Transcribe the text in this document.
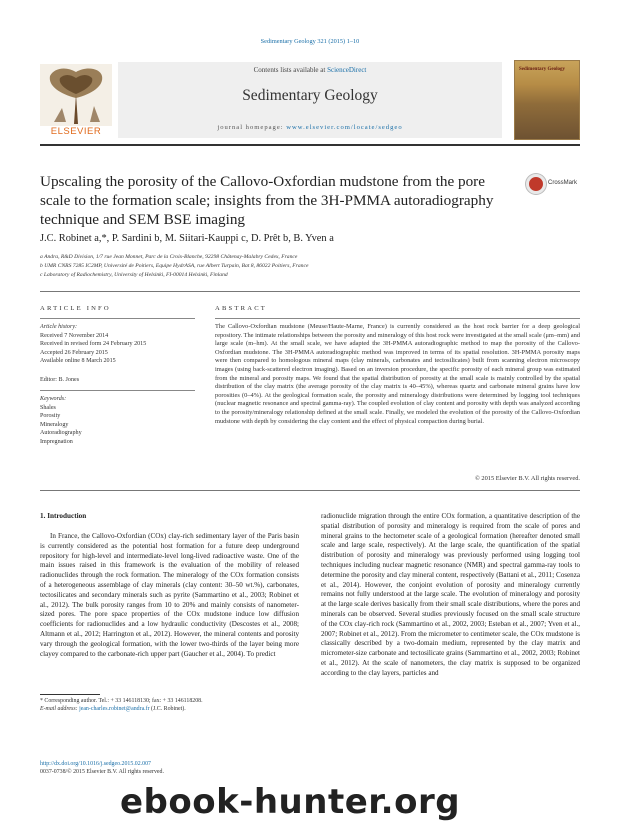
Sedimentary Geology 321 (2015) 1–10
ELSEVIER
Contents lists available at ScienceDirect
Sedimentary Geology
journal homepage: www.elsevier.com/locate/sedgeo
Sedimentary Geology
Upscaling the porosity of the Callovo-Oxfordian mudstone from the pore scale to the formation scale; insights from the 3H-PMMA autoradiography technique and SEM BSE imaging
CrossMark
J.C. Robinet a,*, P. Sardini b, M. Siitari-Kauppi c, D. Prêt b, B. Yven a
a Andra, R&D Division, 1/7 rue Jean Monnet, Parc de la Croix-Blanche, 92298 Châtenay-Malabry Cedex, France
b UMR CNRS 7285 IC2MP, Université de Poitiers, Equipe HydrASA, rue Albert Turpain, Bat 8, 86022 Poitiers, France
c Laboratory of Radiochemistry, University of Helsinki, FI-00014 Helsinki, Finland
ARTICLE INFO
Article history:
Received 7 November 2014
Received in revised form 24 February 2015
Accepted 26 February 2015
Available online 8 March 2015
Editor: B. Jones
Keywords:
Shales
Porosity
Mineralogy
Autoradiography
Impregnation
ABSTRACT
The Callovo-Oxfordian mudstone (Meuse/Haute-Marne, France) is currently considered as the host rock barrier for a deep geological repository. The intimate relationships between the porosity and mineralogy of this host rock were investigated at the small scale (μm–mm) and large scale (m–hm). At the small scale, we have adapted the 3H-PMMA autoradiographic method to map the porosity of the Callovo-Oxfordian mudstone. The 3H-PMMA autoradiographic method was improved in terms of its spatial resolution. 3H-PMMA porosity maps were then compared to homologous mineral maps (clay minerals, carbonates and tectosilicates) built from scanning electron microscopy images (using back-scattered electron imaging). Based on an inversion procedure, the specific porosity of each mineral group was estimated from the mineral and porosity maps. We found that the spatial distribution of porosity at the small scale is mainly controlled by the spatial distribution of the clay matrix (the average porosity of the clay matrix is 40–45%), whereas quartz and carbonate mineral grains have low porosities (0–4%). At the geological formation scale, the porosity and mineralogy distributions were determined by logging tool techniques (nuclear magnetic resonance and spectral gamma-ray). The coupled evolution of clay content and porosity with depth was analyzed according to the porosity/mineralogy relationship defined at the small scale. Finally, we modeled the evolution of the porosity of the Callovo-Oxfordian mudstone with depth by considering the clay content and the effect of physical compaction during burial.
© 2015 Elsevier B.V. All rights reserved.
1. Introduction
In France, the Callovo-Oxfordian (COx) clay-rich sedimentary layer of the Paris basin is currently considered as the potential host formation for a future deep underground repository for high-level and intermediate-level long-lived radioactive waste. One of the main issues raised in this framework is the evaluation of the mobility of released radionuclides through the rock formation. The mineralogy of the COx formation consists of a heterogeneous assemblage of clay minerals (clay content: 30–50 wt.%), carbonates, tectosilicates and secondary minerals such as pyrite (Sammartino et al., 2003; Robinet et al., 2012). The bulk porosity ranges from 10 to 20% and mainly consists of nanometer-sized pores. The pore space properties of the COx mudstone induce low diffusion coefficients for radionuclides and a low hydraulic conductivity (Descostes et al., 2008; Altmann et al., 2012; Harrington et al., 2012). However, the mineral contents and porosity vary through the geological formation, with the lower two-thirds of the layer being more clayey compared to the carbonate-rich upper part (Gaucher et al., 2004). To predict
radionuclide migration through the entire COx formation, a quantitative description of the spatial distribution of porosity and mineralogy is required from the scale of pores and mineral grains to the hectometer scale of a geological formation (hereafter denoted small scale and large scale, respectively). At the large scale, the quantification of the spatial distribution of porosity and mineralogy was previously performed using logging tool techniques including nuclear magnetic resonance (NMR) and spectral gamma-ray tools to determine the porosity and clay mineral content, respectively (Battani et al., 2011; Cosenza et al., 2014). However, the conjoint evolution of porosity and mineralogy currently remains not fully understood at the large scale. The evolution of mineralogy and porosity at the large scale derives basically from their small scale distributions, where the pores and minerals can be observed. Several studies previously focused on the small scale structure of the COx clay-rich rock (Sammartino et al., 2002, 2003; Esteban et al., 2007; Yven et al., 2007; Robinet et al., 2012). From the micrometer to centimeter scale, the COx mudstone is classically described by a two-domain medium, represented by the clay matrix and micrometer-size carbonate and tectosilicate grains (Sammartino et al., 2002, 2003; Robinet et al., 2012). At the scale of nanometers, the clay matrix is supposed to be organized according to the clay layers, particles and
* Corresponding author. Tel.: + 33 146118130; fax: + 33 146118208.
E-mail address: jean-charles.robinet@andra.fr (J.C. Robinet).
http://dx.doi.org/10.1016/j.sedgeo.2015.02.007
0037-0738/© 2015 Elsevier B.V. All rights reserved.
ebook-hunter.org
